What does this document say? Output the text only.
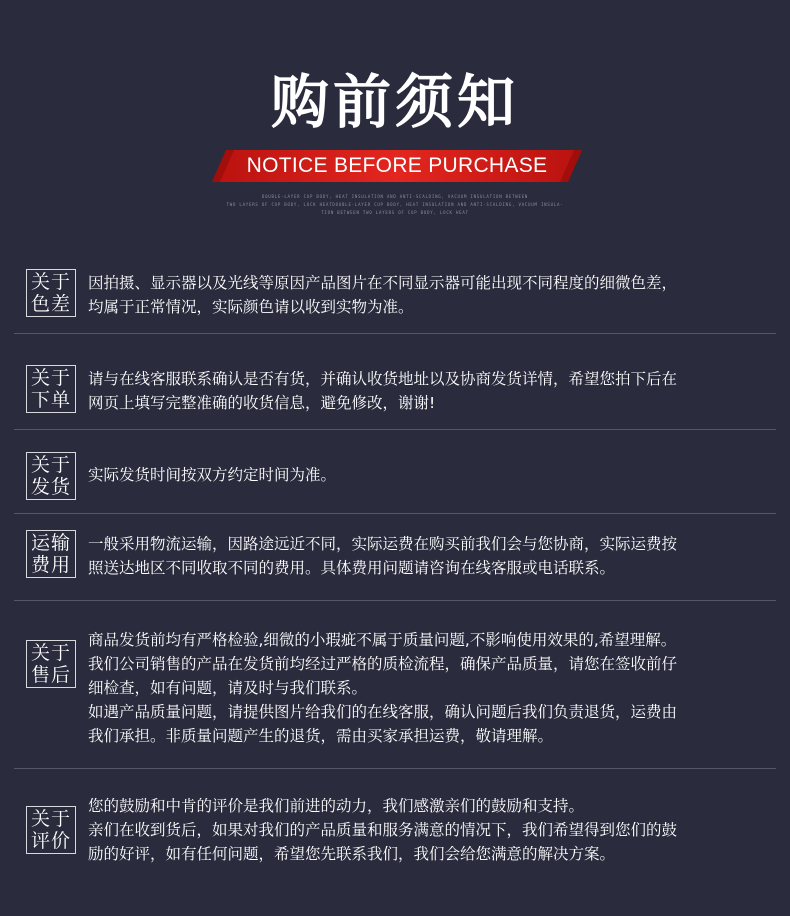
购前须知
NOTICE BEFORE PURCHASE
DOUBLE-LAYER CUP BODY, HEAT INSULATION AND ANTI-SCALDING, VACUUM INSULATION BETWEEN
TWO LAYERS OF CUP BODY, LOCK HEATDOUBLE-LAYER CUP BODY, HEAT INSULATION AND ANTI-SCALDING, VACUUM INSULA-
TION BETWEEN TWO LAYERS OF CUP BODY, LOCK HEAT
关于
色差

因拍摄、显示器以及光线等原因产品图片在不同显示器可能出现不同程度的细微色差，

均属于正常情况，实际颜色请以收到实物为准。

关于
下单

请与在线客服联系确认是否有货，并确认收货地址以及协商发货详情，希望您拍下后在

网页上填写完整准确的收货信息，避免修改，谢谢!

关于
发货

实际发货时间按双方约定时间为准。

运输
费用

一般采用物流运输，因路途远近不同，实际运费在购买前我们会与您协商，实际运费按

照送达地区不同收取不同的费用。具体费用问题请咨询在线客服或电话联系。

关于
售后

商品发货前均有严格检验,细微的小瑕疵不属于质量问题,不影响使用效果的,希望理解。

我们公司销售的产品在发货前均经过严格的质检流程，确保产品质量，请您在签收前仔

细检查，如有问题，请及时与我们联系。

如遇产品质量问题，请提供图片给我们的在线客服，确认问题后我们负责退货，运费由

我们承担。非质量问题产生的退货，需由买家承担运费，敬请理解。

关于
评价

您的鼓励和中肯的评价是我们前进的动力，我们感激亲们的鼓励和支持。

亲们在收到货后，如果对我们的产品质量和服务满意的情况下，我们希望得到您们的鼓

励的好评，如有任何问题，希望您先联系我们，我们会给您满意的解决方案。
